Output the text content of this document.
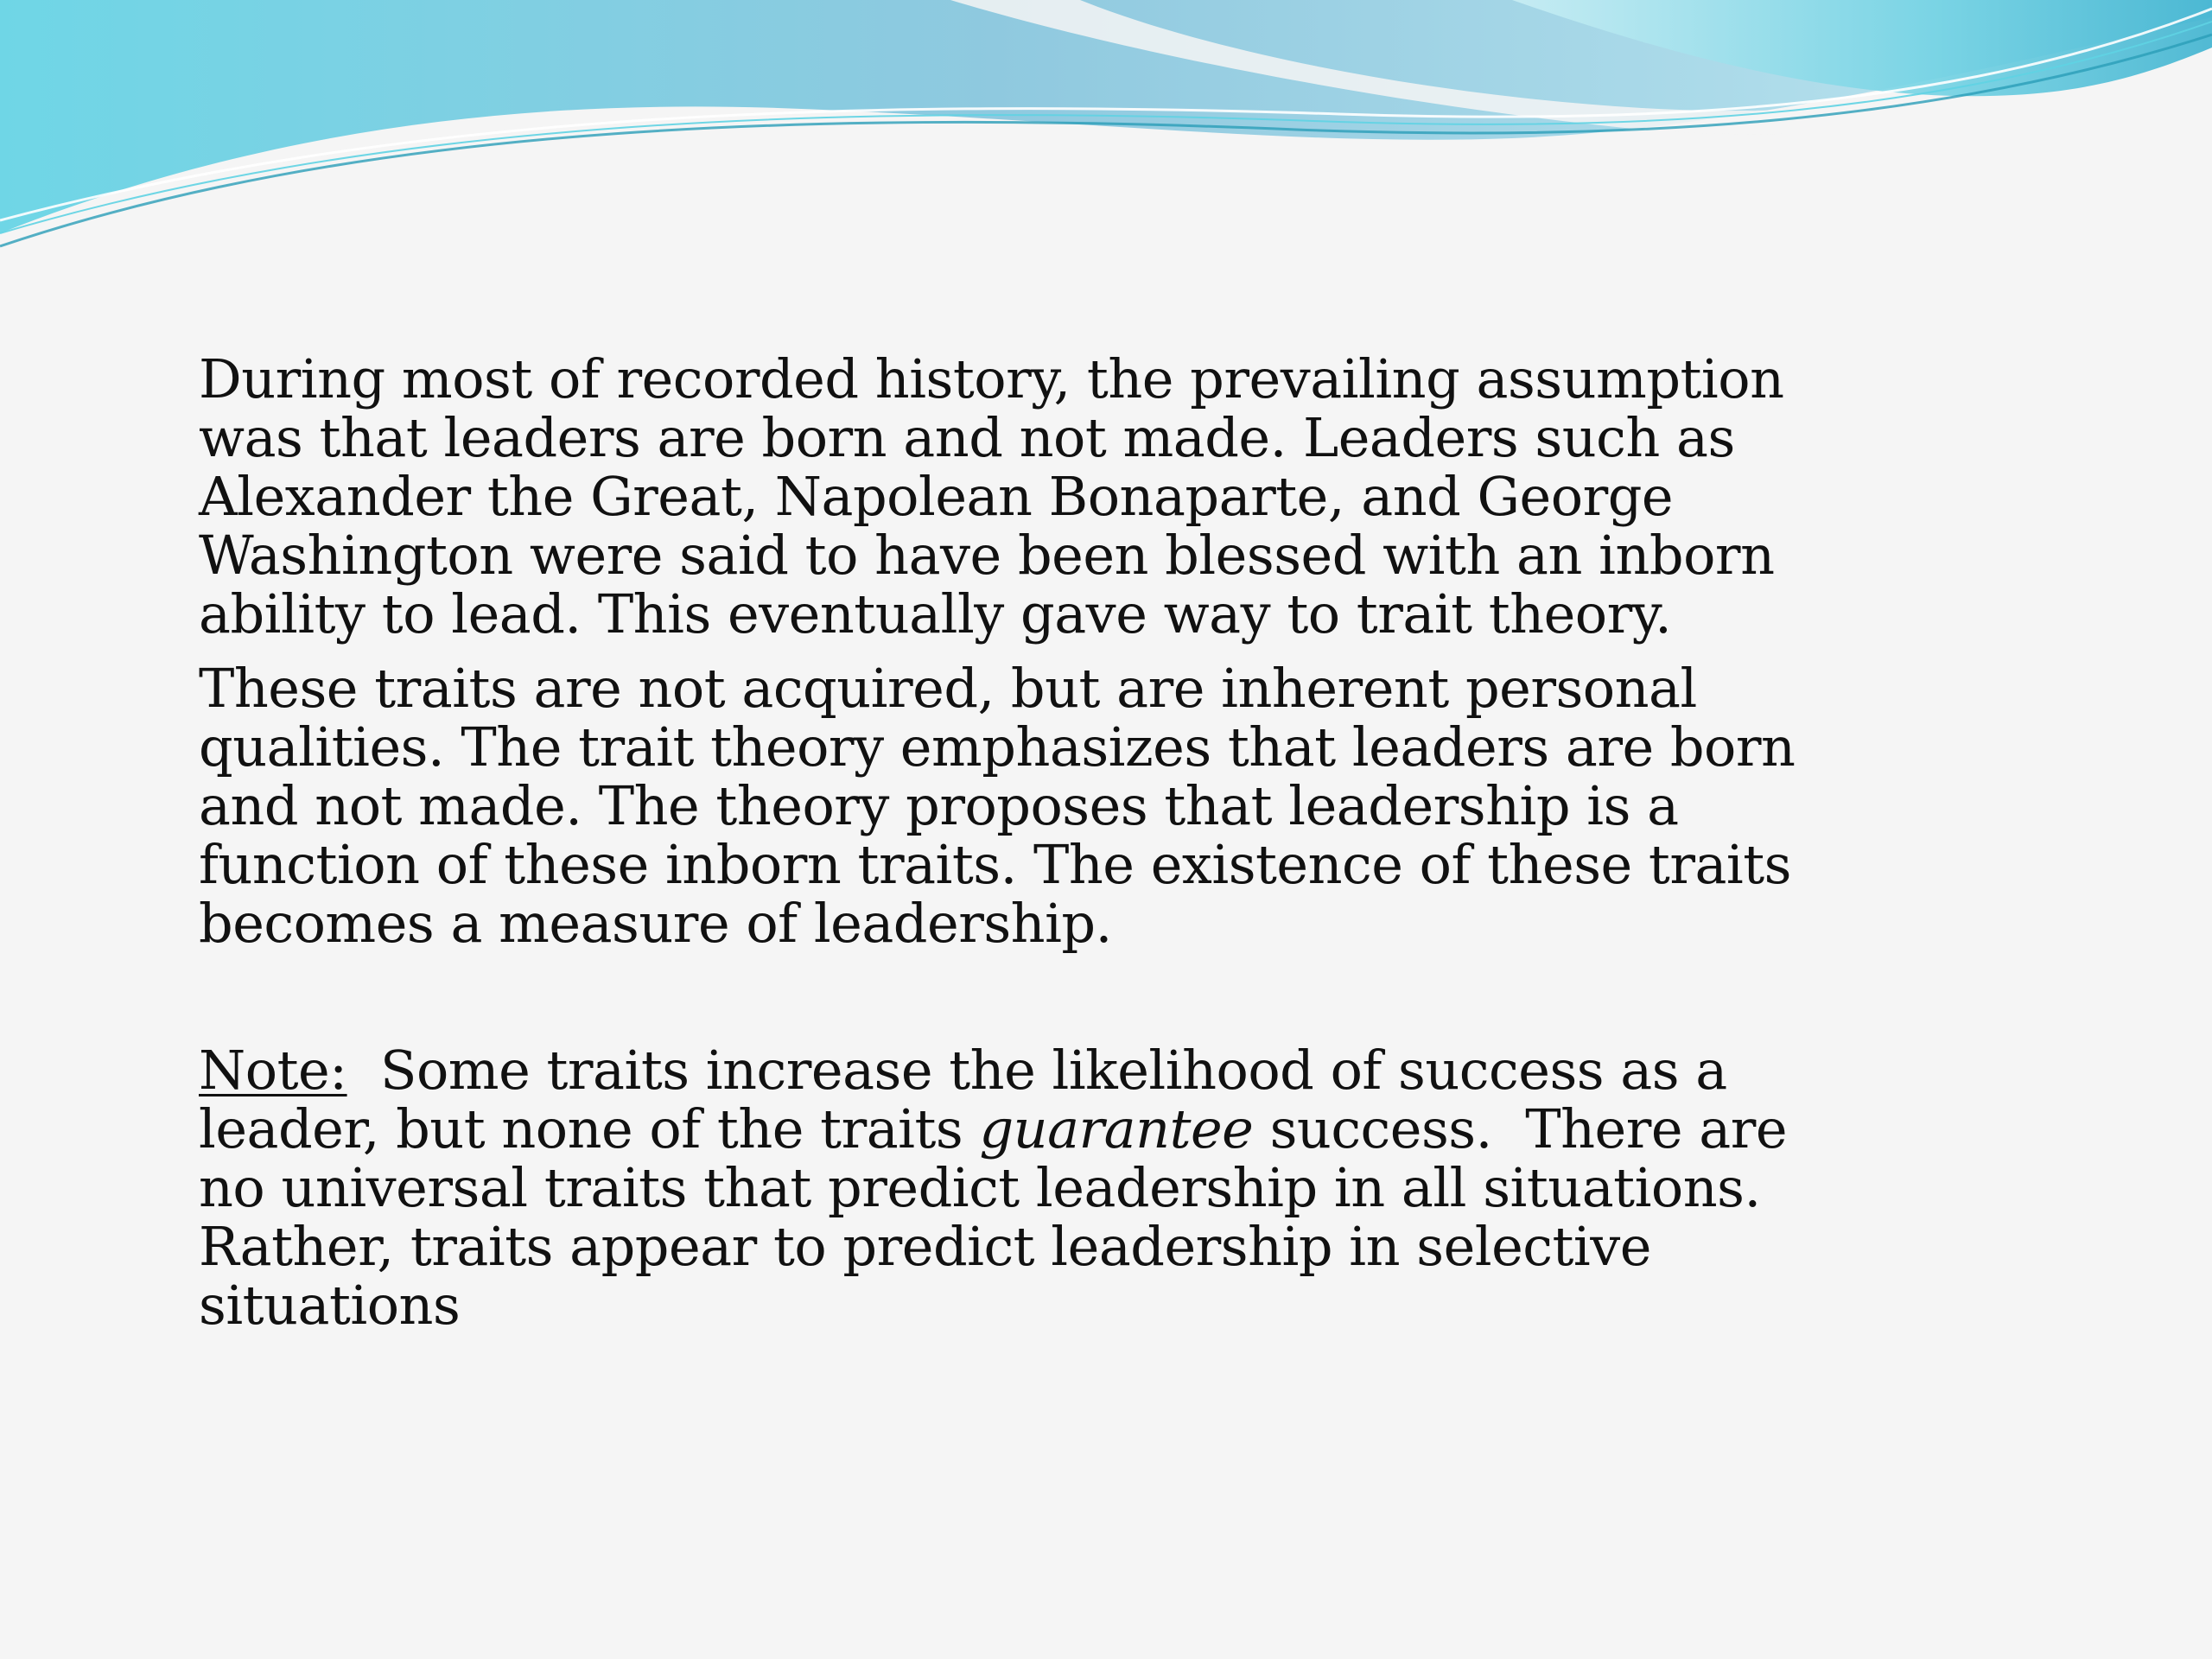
During most of recorded history, the prevailing assumption was that leaders are born and not made. Leaders such as Alexander the Great, Napolean Bonaparte, and George Washington were said to have been blessed with an inborn ability to lead. This eventually gave way to trait theory.

These traits are not acquired, but are inherent personal qualities. The trait theory emphasizes that leaders are born and not made. The theory proposes that leadership is a function of these inborn traits. The existence of these traits becomes a measure of leadership.

Note:  Some traits increase the likelihood of success as a leader, but none of the traits guarantee success.  There are no universal traits that predict leadership in all situations.  Rather, traits appear to predict leadership in selective situations
